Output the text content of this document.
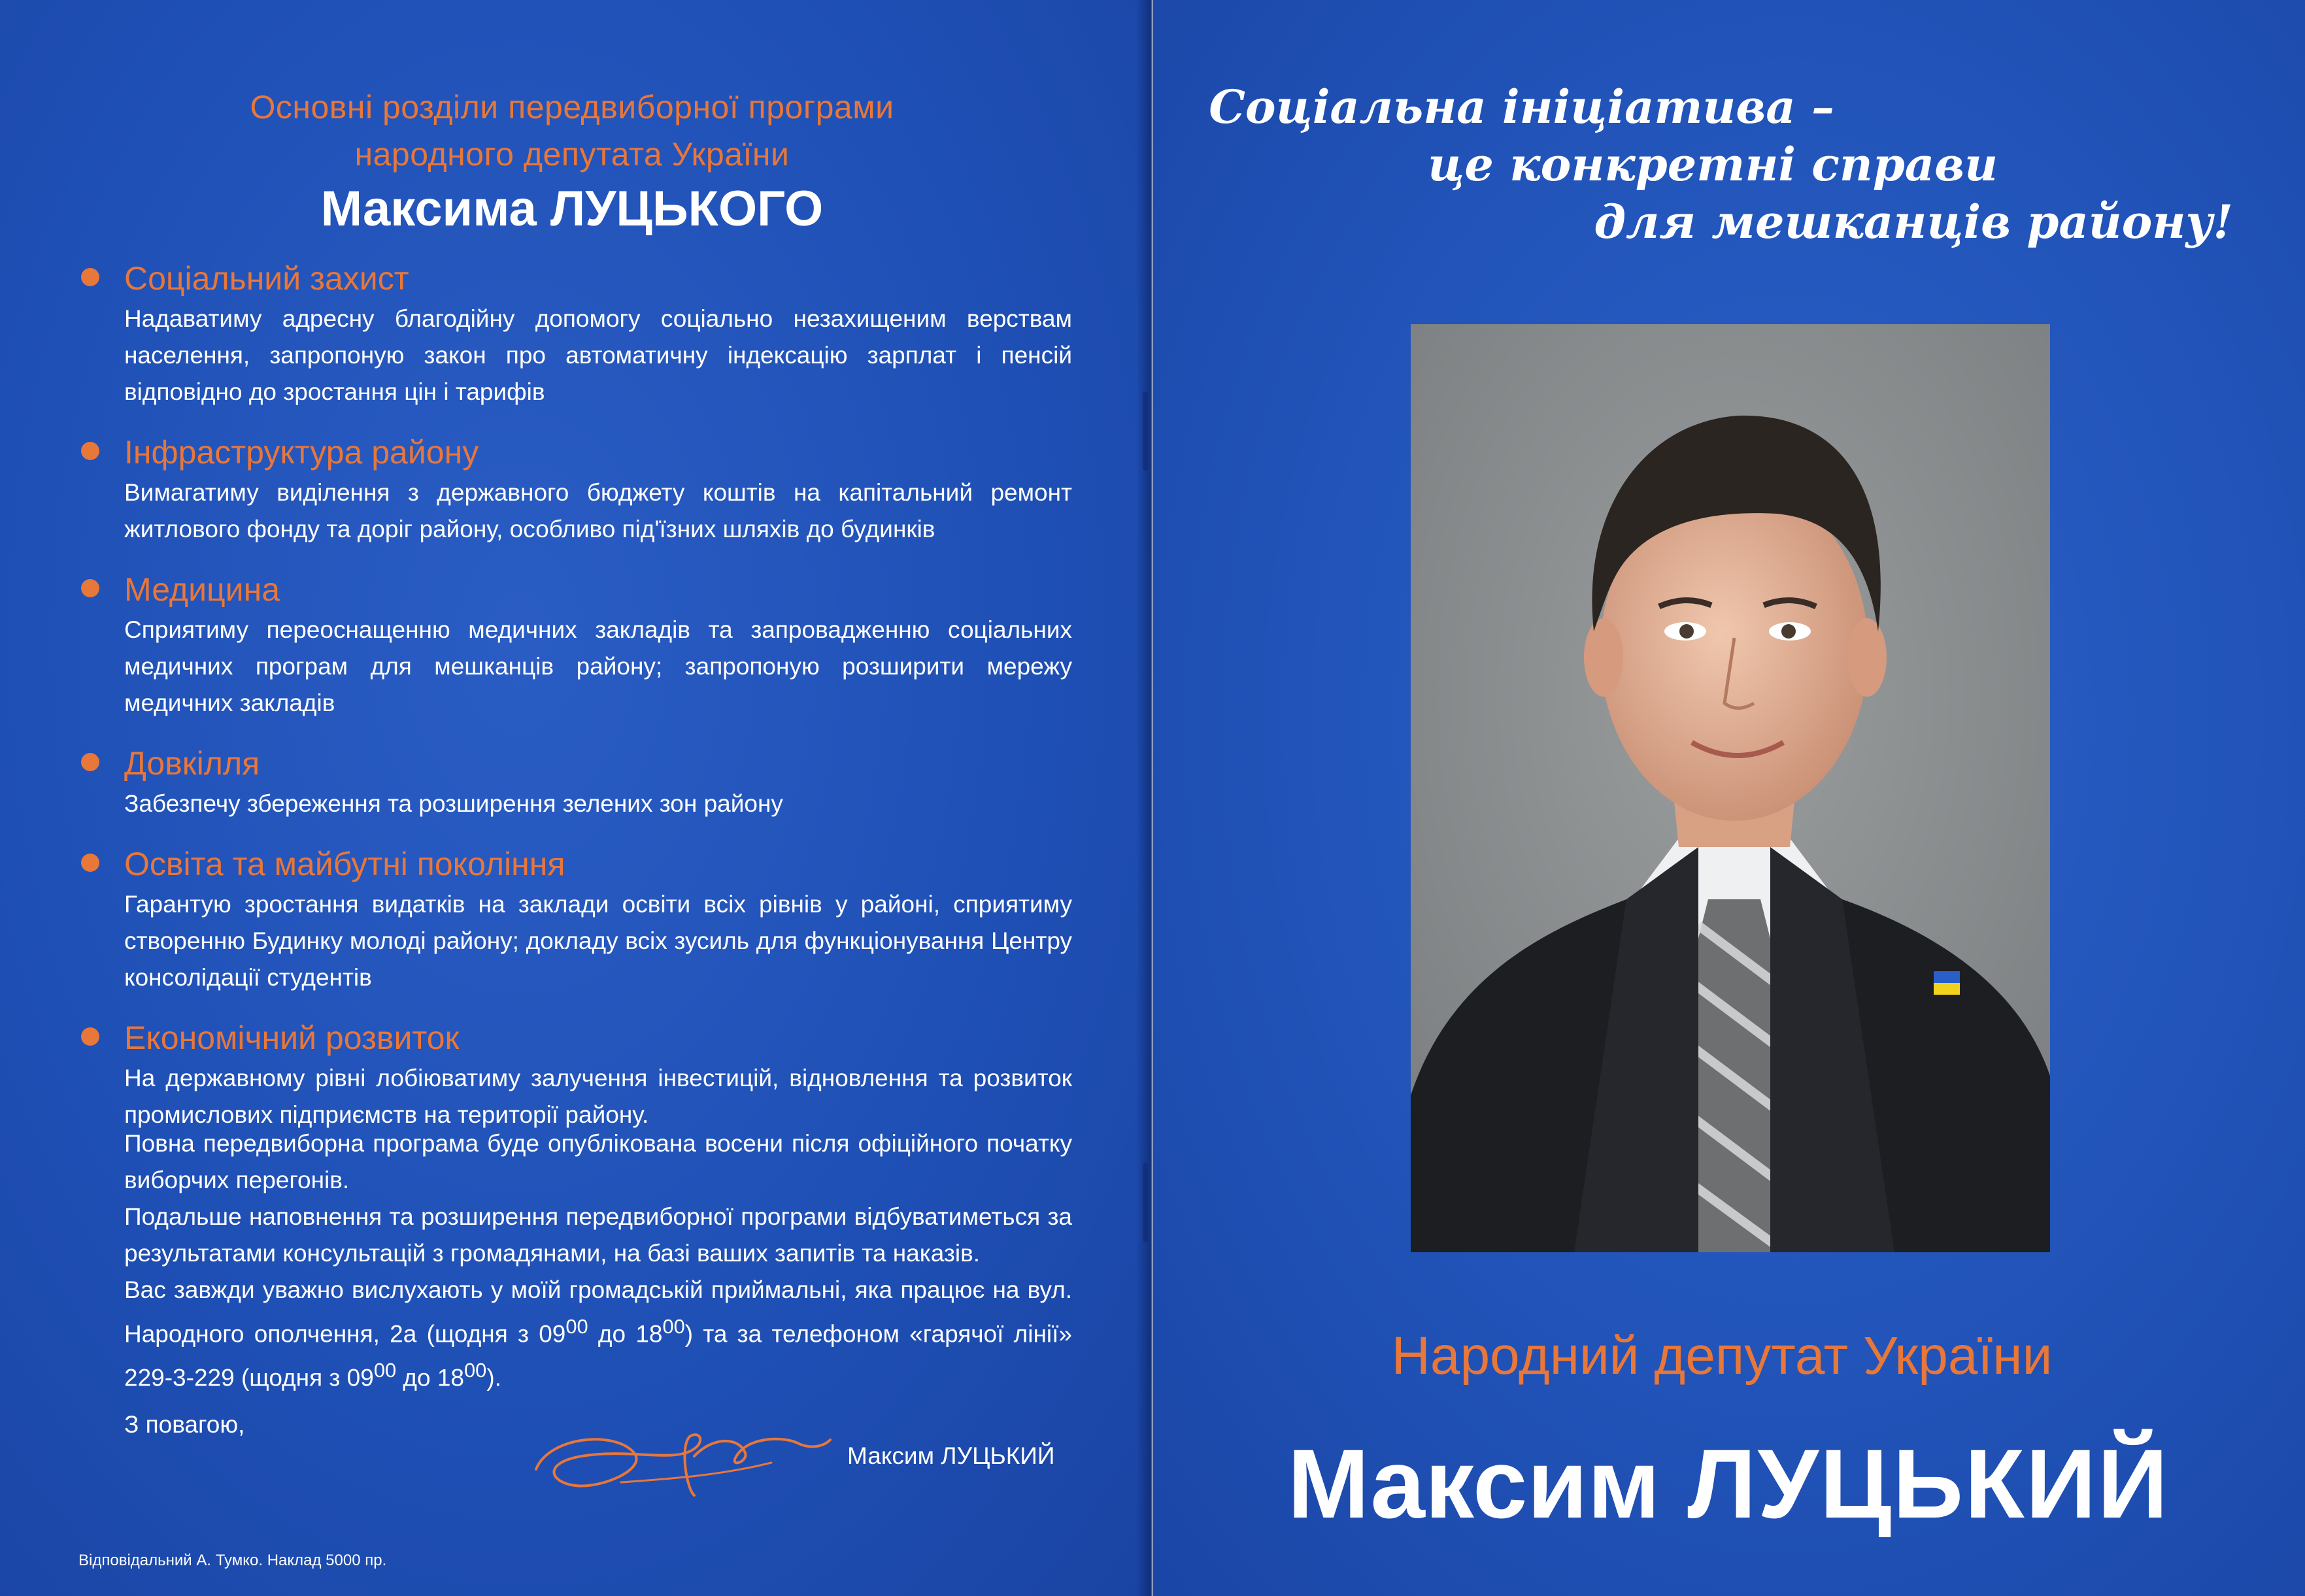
Основні розділи передвиборної програми
народного депутата України
Максима ЛУЦЬКОГО
Соціальний захист
Надаватиму адресну благодійну допомогу соціально незахищеним верствам населення, запропоную закон про автоматичну індексацію зарплат і пенсій відповідно до зростання цін і тарифів
Інфраструктура району
Вимагатиму виділення з державного бюджету коштів на капітальний ремонт житлового фонду та доріг району, особливо під'їзних шляхів до будинків
Медицина
Сприятиму переоснащенню медичних закладів та запровадженню соціальних медичних програм для мешканців району; запропоную розширити мережу медичних закладів
Довкілля
Забезпечу збереження та розширення зелених зон району
Освіта та майбутні покоління
Гарантую зростання видатків на заклади освіти всіх рівнів у районі, сприятиму створенню Будинку молоді району; докладу всіх зусиль для функціонування Центру консолідації студентів
Економічний розвиток
На державному рівні лобіюватиму залучення інвестицій, відновлення та розвиток промислових підприємств на території району.

Повна передвиборна програма буде опублікована восени після офіційного початку виборчих перегонів.

Подальше наповнення та розширення передвиборної програми відбуватиметься за результатами консультацій з громадянами, на базі ваших запитів та наказів.

Вас завжди уважно вислухають у моїй громадській приймальні, яка працює на вул. Народного ополчення, 2а (щодня з $09^{00}$ до $18^{00}$) та за телефоном «гарячої лінії» 229-3-229 (щодня з $09^{00}$ до $18^{00}$).

З повагою,
Максим ЛУЦЬКИЙ
Відповідальний А. Тумко. Наклад 5000 пр.
Соціальна ініціатива –
це конкретні справи
для мешканців району!
Народний депутат України
Максим ЛУЦЬКИЙ
